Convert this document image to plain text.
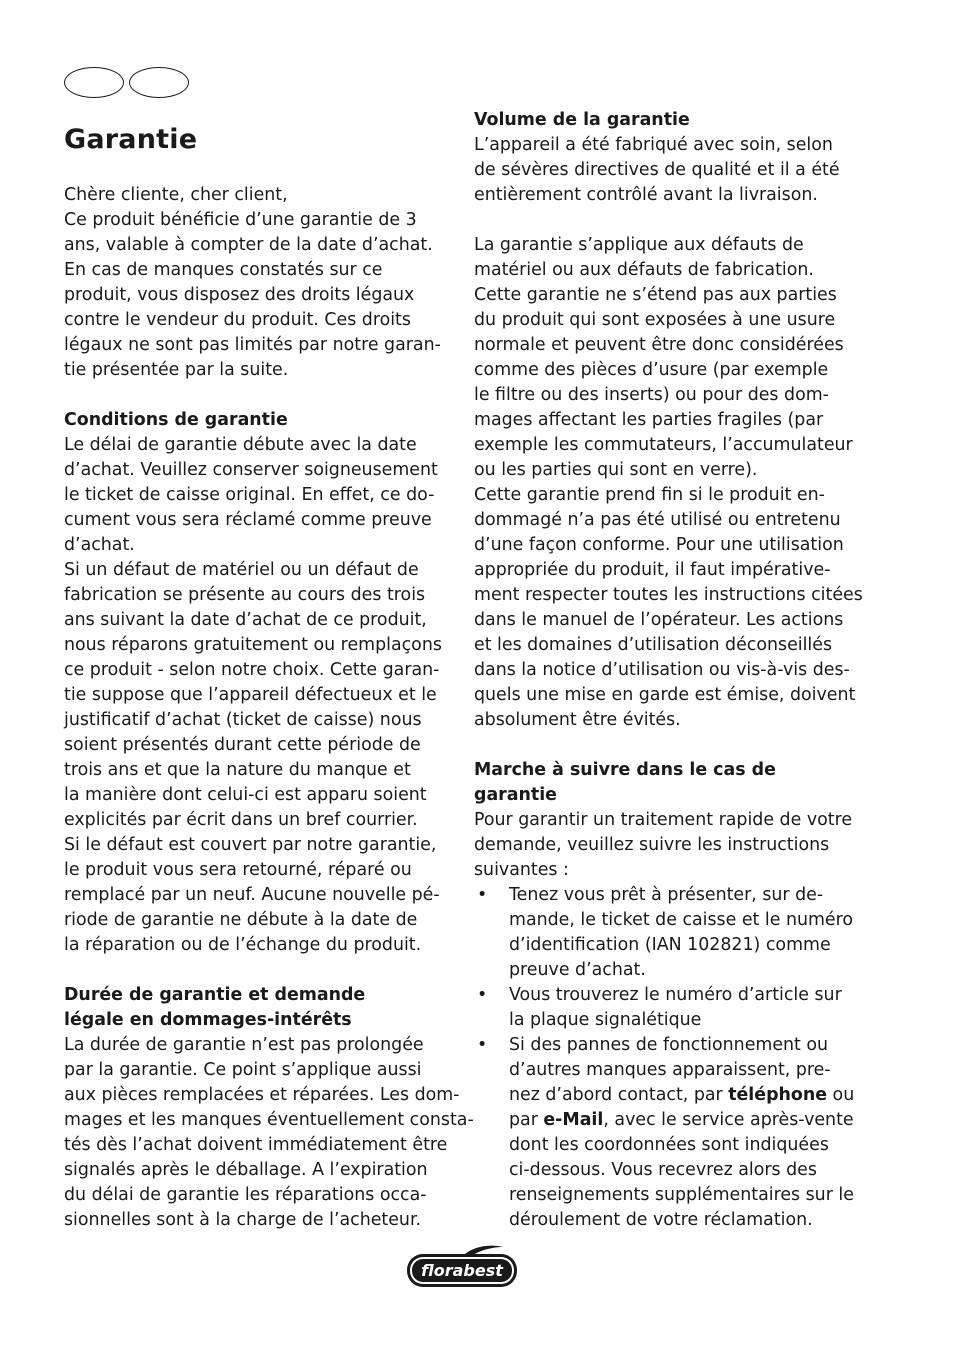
Garantie
Chère cliente, cher client,
Ce produit bénéficie d’une garantie de 3
ans, valable à compter de la date d’achat.
En cas de manques constatés sur ce
produit, vous disposez des droits légaux
contre le vendeur du produit. Ces droits
légaux ne sont pas limités par notre garan-
tie présentée par la suite.
Conditions de garantie
Le délai de garantie débute avec la date
d’achat. Veuillez conserver soigneusement
le ticket de caisse original. En effet, ce do-
cument vous sera réclamé comme preuve
d’achat.
Si un défaut de matériel ou un défaut de
fabrication se présente au cours des trois
ans suivant la date d’achat de ce produit,
nous réparons gratuitement ou remplaçons
ce produit - selon notre choix. Cette garan-
tie suppose que l’appareil défectueux et le
justificatif d’achat (ticket de caisse) nous
soient présentés durant cette période de
trois ans et que la nature du manque et
la manière dont celui-ci est apparu soient
explicités par écrit dans un bref courrier.
Si le défaut est couvert par notre garantie,
le produit vous sera retourné, réparé ou
remplacé par un neuf. Aucune nouvelle pé-
riode de garantie ne débute à la date de
la réparation ou de l’échange du produit.
Durée de garantie et demande
légale en dommages-intérêts
La durée de garantie n’est pas prolongée
par la garantie. Ce point s’applique aussi
aux pièces remplacées et réparées. Les dom-
mages et les manques éventuellement consta-
tés dès l’achat doivent immédiatement être
signalés après le déballage. A l’expiration
du délai de garantie les réparations occa-
sionnelles sont à la charge de l’acheteur.
Volume de la garantie
L’appareil a été fabriqué avec soin, selon
de sévères directives de qualité et il a été
entièrement contrôlé avant la livraison.
La garantie s’applique aux défauts de
matériel ou aux défauts de fabrication.
Cette garantie ne s’étend pas aux parties
du produit qui sont exposées à une usure
normale et peuvent être donc considérées
comme des pièces d’usure (par exemple
le filtre ou des inserts) ou pour des dom-
mages affectant les parties fragiles (par
exemple les commutateurs, l’accumulateur
ou les parties qui sont en verre).
Cette garantie prend fin si le produit en-
dommagé n’a pas été utilisé ou entretenu
d’une façon conforme. Pour une utilisation
appropriée du produit, il faut impérative-
ment respecter toutes les instructions citées
dans le manuel de l’opérateur. Les actions
et les domaines d’utilisation déconseillés
dans la notice d’utilisation ou vis-à-vis des-
quels une mise en garde est émise, doivent
absolument être évités.
Marche à suivre dans le cas de
garantie
Pour garantir un traitement rapide de votre
demande, veuillez suivre les instructions
suivantes :
• Tenez vous prêt à présenter, sur de-
mande, le ticket de caisse et le numéro
d’identification (IAN 102821) comme
preuve d’achat.
• Vous trouverez le numéro d’article sur
la plaque signalétique
• Si des pannes de fonctionnement ou
d’autres manques apparaissent, pre-
nez d’abord contact, par téléphone ou
par e-Mail, avec le service après-vente
dont les coordonnées sont indiquées
ci-dessous. Vous recevrez alors des
renseignements supplémentaires sur le
déroulement de votre réclamation.
florabest
